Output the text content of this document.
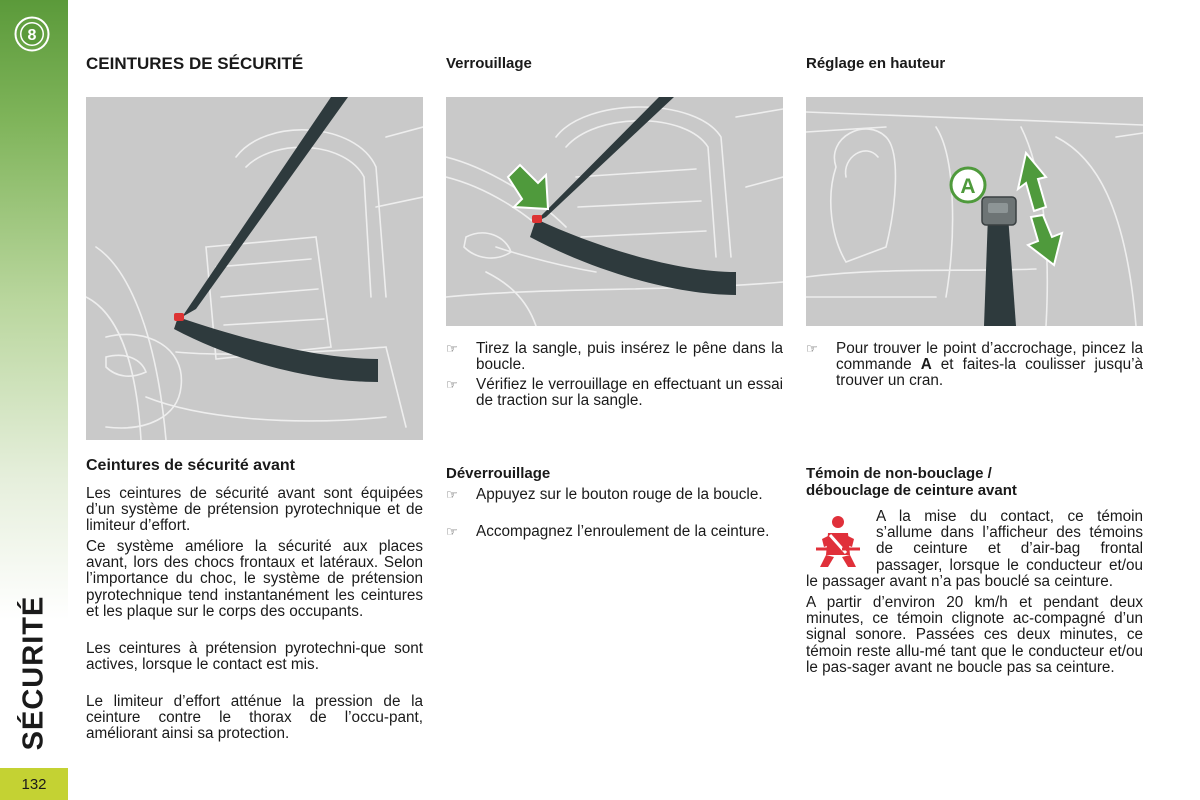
8
SÉCURITÉ
132
CEINTURES DE SÉCURITÉ
Ceintures de sécurité avant

Les ceintures de sécurité avant sont équipées d’un système de prétension pyrotechnique et de limiteur d’effort.

Ce système améliore la sécurité aux places avant, lors des chocs frontaux et latéraux. Selon l’importance du choc, le système de prétension pyrotechnique tend instantanément les ceintures et les plaque sur le corps des occupants.

Les ceintures à prétension pyrotechni-que sont actives, lorsque le contact est mis.

Le limiteur d’effort atténue la pression de la ceinture contre le thorax de l’occu-pant, améliorant ainsi sa protection.

Verrouillage
☞ Tirez la sangle, puis insérez le pêne dans la boucle.
☞ Vérifiez le verrouillage en effectuant un essai de traction sur la sangle.
Déverrouillage
☞ Appuyez sur le bouton rouge de la boucle.
☞ Accompagnez l’enroulement de la ceinture.
Réglage en hauteur
A
☞ Pour trouver le point d’accrochage, pincez la commande A et faites-la coulisser jusqu’à trouver un cran.
Témoin de non-bouclage /
débouclage de ceinture avant

A la mise du contact, ce témoin s’allume dans l’afficheur des témoins de ceinture et d’air-bag frontal passager, lorsque le conducteur et/ou le passager avant n’a pas bouclé sa ceinture.

A partir d’environ 20 km/h et pendant deux minutes, ce témoin clignote ac-compagné d’un signal sonore. Passées ces deux minutes, ce témoin reste allu-mé tant que le conducteur et/ou le pas-sager avant ne boucle pas sa ceinture.
